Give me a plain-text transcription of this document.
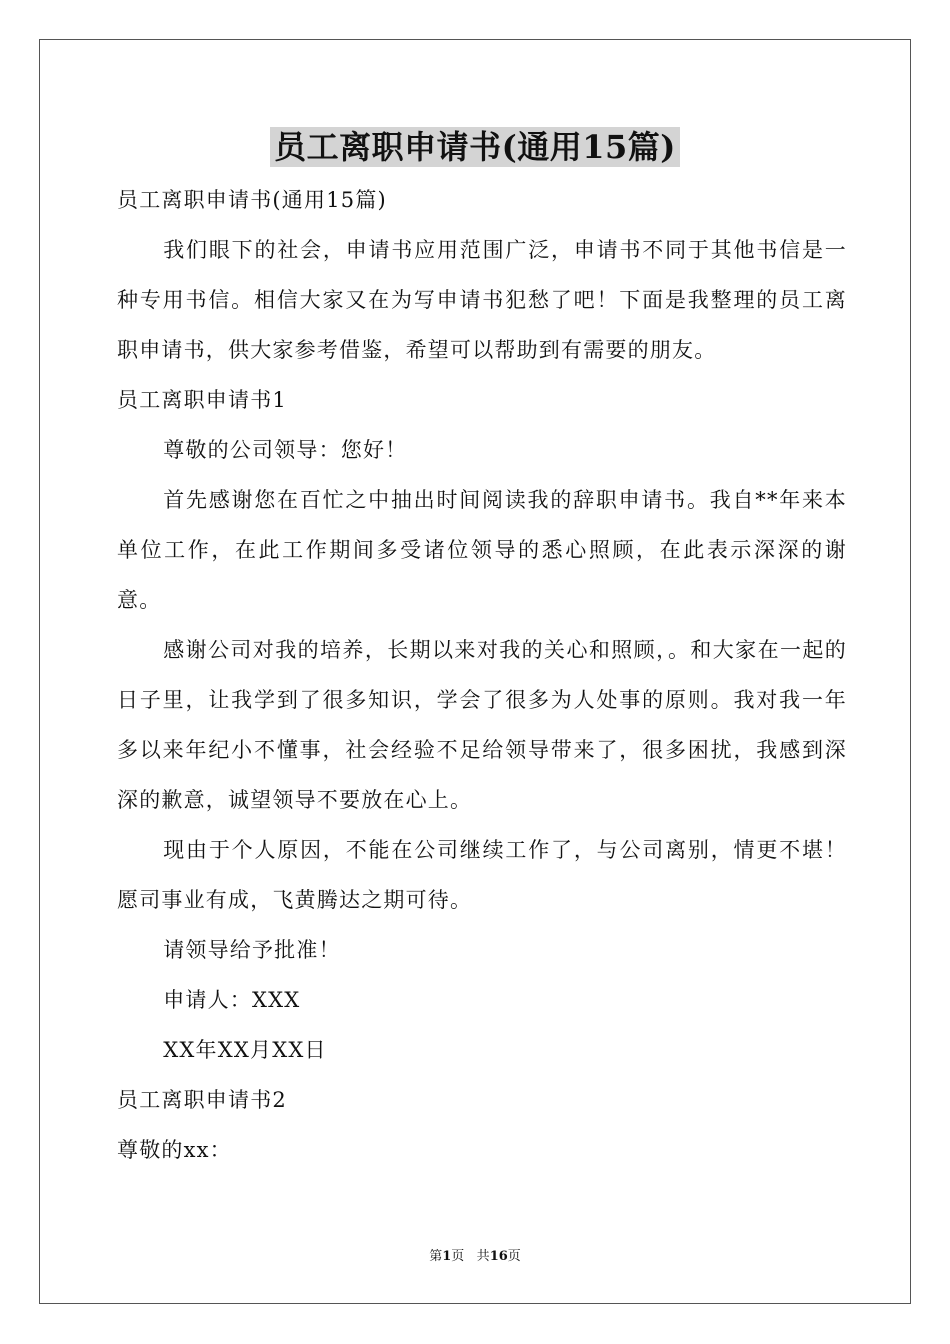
员工离职申请书(通用15篇)

员工离职申请书(通用15篇)

我们眼下的社会，申请书应用范围广泛，申请书不同于其他书信是一种专用书信。相信大家又在为写申请书犯愁了吧！下面是我整理的员工离职申请书，供大家参考借鉴，希望可以帮助到有需要的朋友。

员工离职申请书1

尊敬的公司领导：您好！

首先感谢您在百忙之中抽出时间阅读我的辞职申请书。我自**年来本单位工作，在此工作期间多受诸位领导的悉心照顾，在此表示深深的谢意。

感谢公司对我的培养，长期以来对我的关心和照顾，。和大家在一起的日子里，让我学到了很多知识，学会了很多为人处事的原则。我对我一年多以来年纪小不懂事，社会经验不足给领导带来了，很多困扰，我感到深深的歉意，诚望领导不要放在心上。

现由于个人原因，不能在公司继续工作了，与公司离别，情更不堪！愿司事业有成，飞黄腾达之期可待。

请领导给予批准！

申请人：XXX

XX年XX月XX日

员工离职申请书2

尊敬的xx：

第1页 共16页
